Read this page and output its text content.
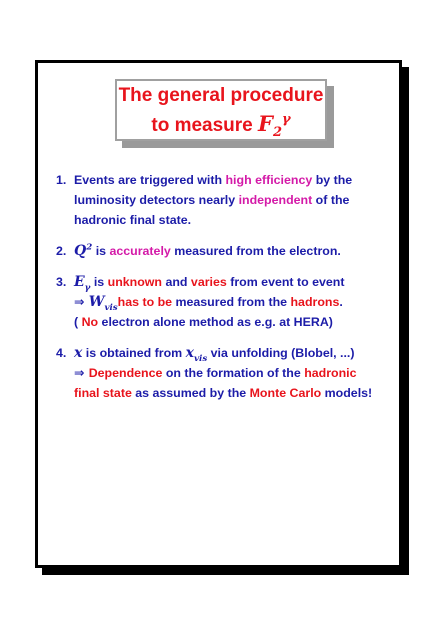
The general procedure
to measure $F_2^\gamma$
1. Events are triggered with high efficiency by the
luminosity detectors nearly independent of the
hadronic final state.
2. $Q^2$ is accurately measured from the electron.
3. $E_\gamma$ is unknown and varies from event to event
⇒ $W_{vis}has$ to be measured from the hadrons.
( No electron alone method as e.g. at HERA)
4. x is obtained from $x_{vis}$ via unfolding (Blobel, ...)
⇒ Dependence on the formation of the hadronic
final state as assumed by the Monte Carlo models!
